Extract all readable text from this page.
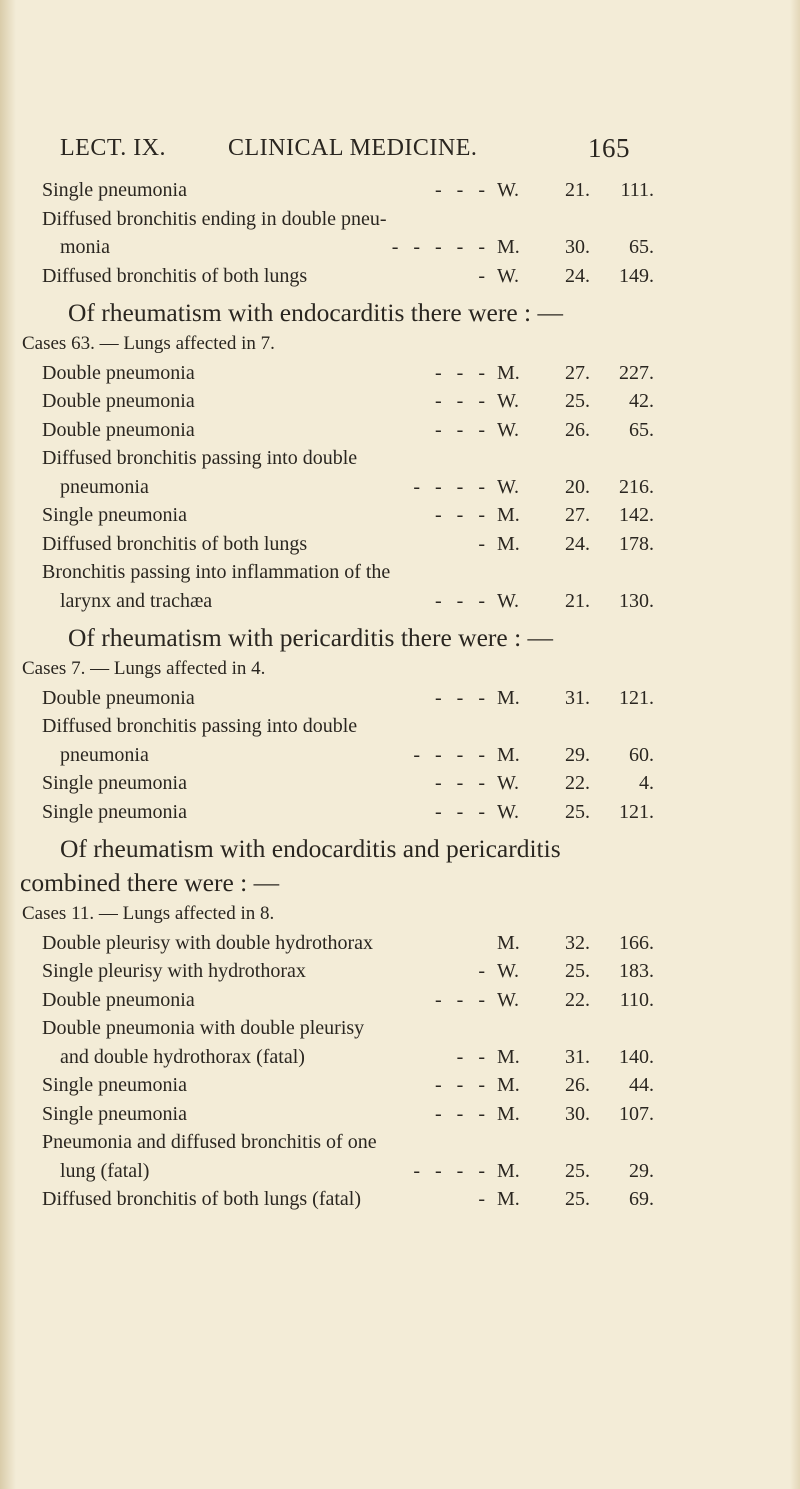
LECT. IX.	CLINICAL MEDICINE.	165
Single pneumonia	-   -   - W.	21.	111.
Diffused bronchitis ending in double pneu-
monia	-   -   -   -   - M.	30.	65.
Diffused bronchitis of both lungs	- W.	24.	149.
Of rheumatism with endocarditis there were : —
Cases 63. — Lungs affected in 7.
Double pneumonia	-   -   - M.	27.	227.
Double pneumonia	-   -   - W.	25.	42.
Double pneumonia	-   -   - W.	26.	65.
Diffused bronchitis passing into double
pneumonia	-   -   -   - W.	20.	216.
Single pneumonia	-   -   - M.	27.	142.
Diffused bronchitis of both lungs	- M.	24.	178.
Bronchitis passing into inflammation of the
larynx and trachæa	-   -   - W.	21.	130.
Of rheumatism with pericarditis there were : —
Cases 7. — Lungs affected in 4.
Double pneumonia	-   -   - M.	31.	121.
Diffused bronchitis passing into double
pneumonia	-   -   -   - M.	29.	60.
Single pneumonia	-   -   - W.	22.	4.
Single pneumonia	-   -   - W.	25.	121.
Of rheumatism with endocarditis and pericarditis
combined there were : —
Cases 11. — Lungs affected in 8.
Double pleurisy with double hydrothorax	M.	32.	166.
Single pleurisy with hydrothorax	- W.	25.	183.
Double pneumonia	-   -   - W.	22.	110.
Double pneumonia with double pleurisy
and double hydrothorax (fatal)	-   - M.	31.	140.
Single pneumonia	-   -   - M.	26.	44.
Single pneumonia	-   -   - M.	30.	107.
Pneumonia and diffused bronchitis of one
lung (fatal)	-   -   -   - M.	25.	29.
Diffused bronchitis of both lungs (fatal)	- M.	25.	69.
